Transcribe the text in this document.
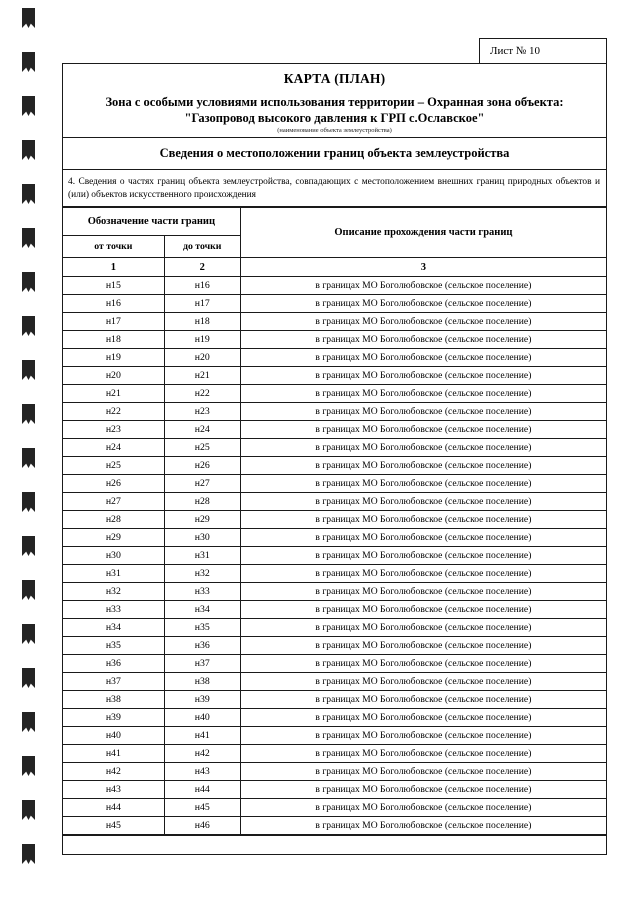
Лист № 10
КАРТА (ПЛАН)
Зона с особыми условиями использования территории – Охранная зона объекта:
"Газопровод высокого давления к ГРП с.Ославское"
(наименование объекта землеустройства)
Сведения о местоположении границ объекта землеустройства
4. Сведения о частях границ объекта землеустройства, совпадающих с местоположением внешних границ природных объектов и (или) объектов искусственного происхождения
Обозначение части границ		Описание прохождения части границ
от точки	до точки	
1	2	3
н15	н16	в границах МО Боголюбовское (сельское поселение)
н16	н17	в границах МО Боголюбовское (сельское поселение)
н17	н18	в границах МО Боголюбовское (сельское поселение)
н18	н19	в границах МО Боголюбовское (сельское поселение)
н19	н20	в границах МО Боголюбовское (сельское поселение)
н20	н21	в границах МО Боголюбовское (сельское поселение)
н21	н22	в границах МО Боголюбовское (сельское поселение)
н22	н23	в границах МО Боголюбовское (сельское поселение)
н23	н24	в границах МО Боголюбовское (сельское поселение)
н24	н25	в границах МО Боголюбовское (сельское поселение)
н25	н26	в границах МО Боголюбовское (сельское поселение)
н26	н27	в границах МО Боголюбовское (сельское поселение)
н27	н28	в границах МО Боголюбовское (сельское поселение)
н28	н29	в границах МО Боголюбовское (сельское поселение)
н29	н30	в границах МО Боголюбовское (сельское поселение)
н30	н31	в границах МО Боголюбовское (сельское поселение)
н31	н32	в границах МО Боголюбовское (сельское поселение)
н32	н33	в границах МО Боголюбовское (сельское поселение)
н33	н34	в границах МО Боголюбовское (сельское поселение)
н34	н35	в границах МО Боголюбовское (сельское поселение)
н35	н36	в границах МО Боголюбовское (сельское поселение)
н36	н37	в границах МО Боголюбовское (сельское поселение)
н37	н38	в границах МО Боголюбовское (сельское поселение)
н38	н39	в границах МО Боголюбовское (сельское поселение)
н39	н40	в границах МО Боголюбовское (сельское поселение)
н40	н41	в границах МО Боголюбовское (сельское поселение)
н41	н42	в границах МО Боголюбовское (сельское поселение)
н42	н43	в границах МО Боголюбовское (сельское поселение)
н43	н44	в границах МО Боголюбовское (сельское поселение)
н44	н45	в границах МО Боголюбовское (сельское поселение)
н45	н46	в границах МО Боголюбовское (сельское поселение)
